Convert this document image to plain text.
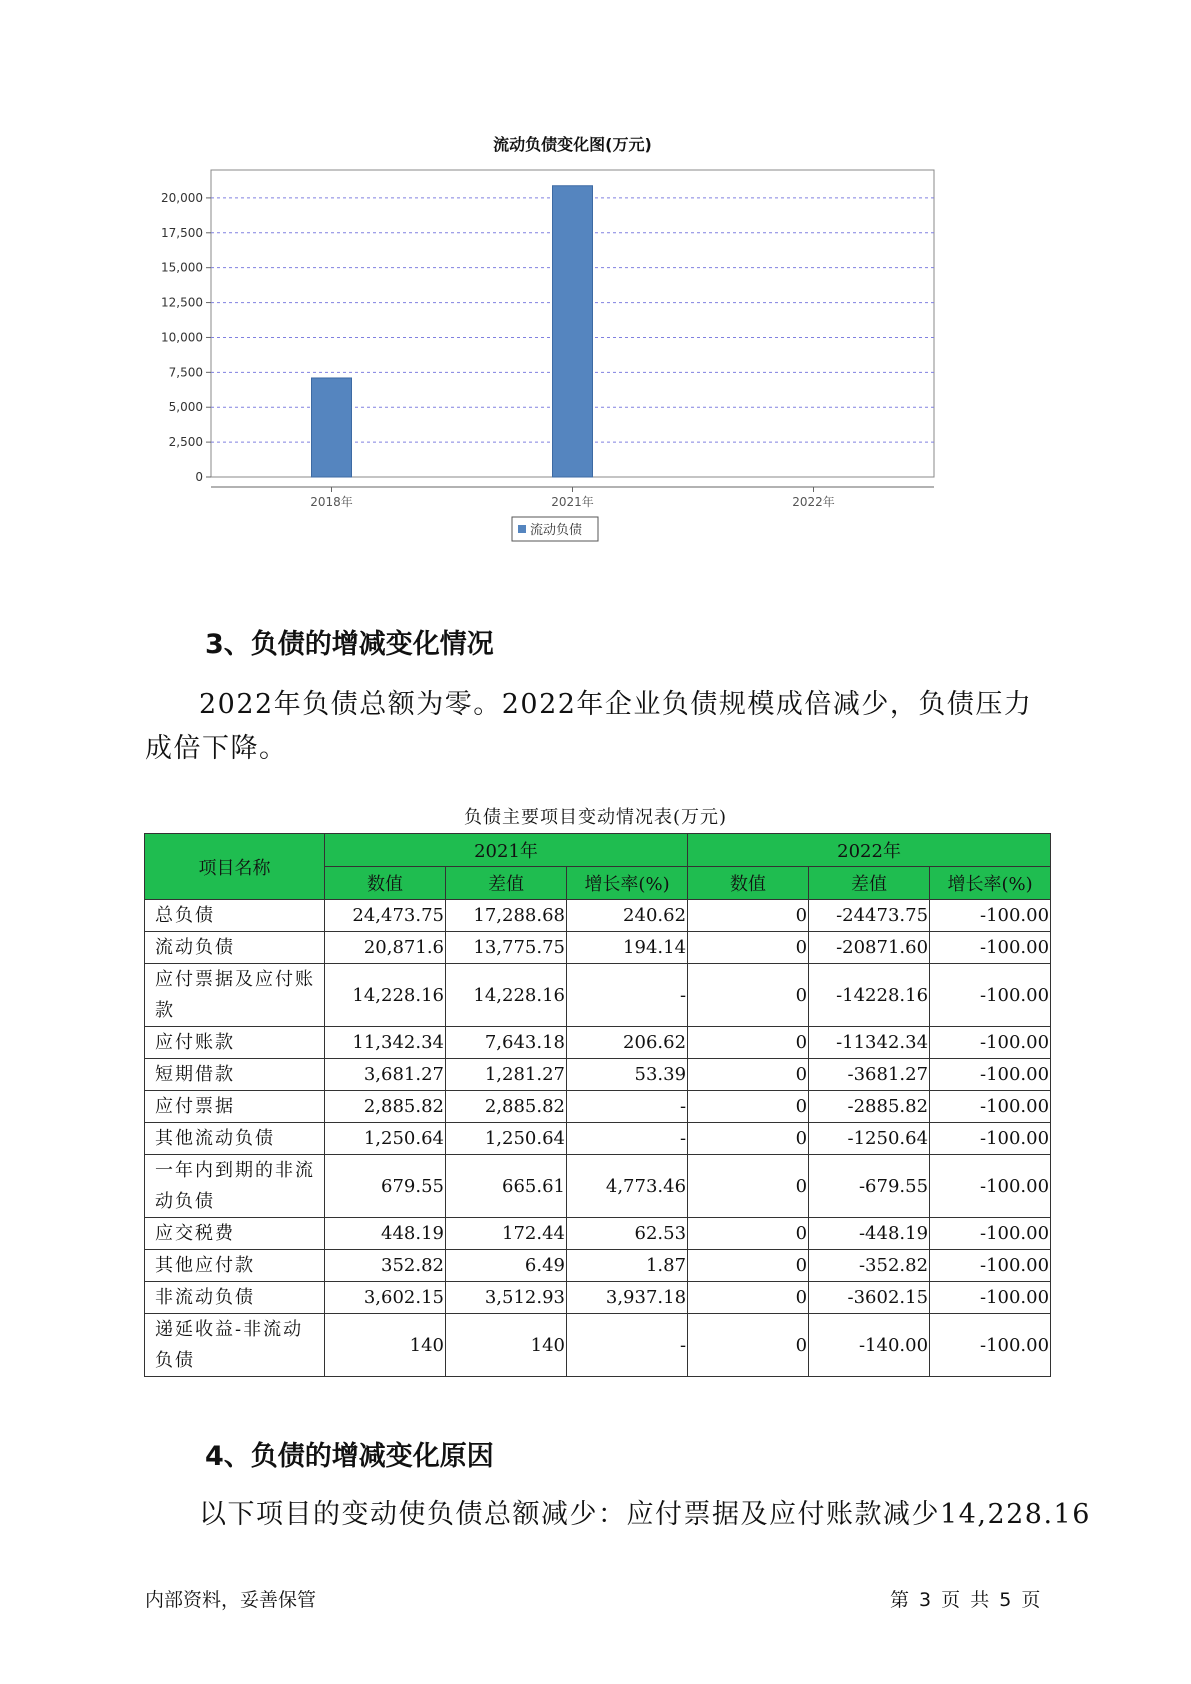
流动负债变化图(万元)
0
2,500
5,000
7,500
10,000
12,500
15,000
17,500
20,000
2018年	2021年	2022年
流动负债
3、负债的增减变化情况
2022年负债总额为零。2022年企业负债规模成倍减少，负债压力成倍下降。
负债主要项目变动情况表(万元)
项目名称	2021年			2022年		
	数值	差值	增长率(%)	数值	差值	增长率(%)
总负债	24,473.75	17,288.68	240.62	0	-24473.75	-100.00
流动负债	20,871.6	13,775.75	194.14	0	-20871.60	-100.00
应付票据及应付账款	14,228.16	14,228.16	-	0	-14228.16	-100.00
应付账款	11,342.34	7,643.18	206.62	0	-11342.34	-100.00
短期借款	3,681.27	1,281.27	53.39	0	-3681.27	-100.00
应付票据	2,885.82	2,885.82	-	0	-2885.82	-100.00
其他流动负债	1,250.64	1,250.64	-	0	-1250.64	-100.00
一年内到期的非流动负债	679.55	665.61	4,773.46	0	-679.55	-100.00
应交税费	448.19	172.44	62.53	0	-448.19	-100.00
其他应付款	352.82	6.49	1.87	0	-352.82	-100.00
非流动负债	3,602.15	3,512.93	3,937.18	0	-3602.15	-100.00
递延收益-非流动负债	140	140	-	0	-140.00	-100.00
4、负债的增减变化原因
以下项目的变动使负债总额减少：应付票据及应付账款减少14,228.16
内部资料，妥善保管	第 3 页 共 5 页
